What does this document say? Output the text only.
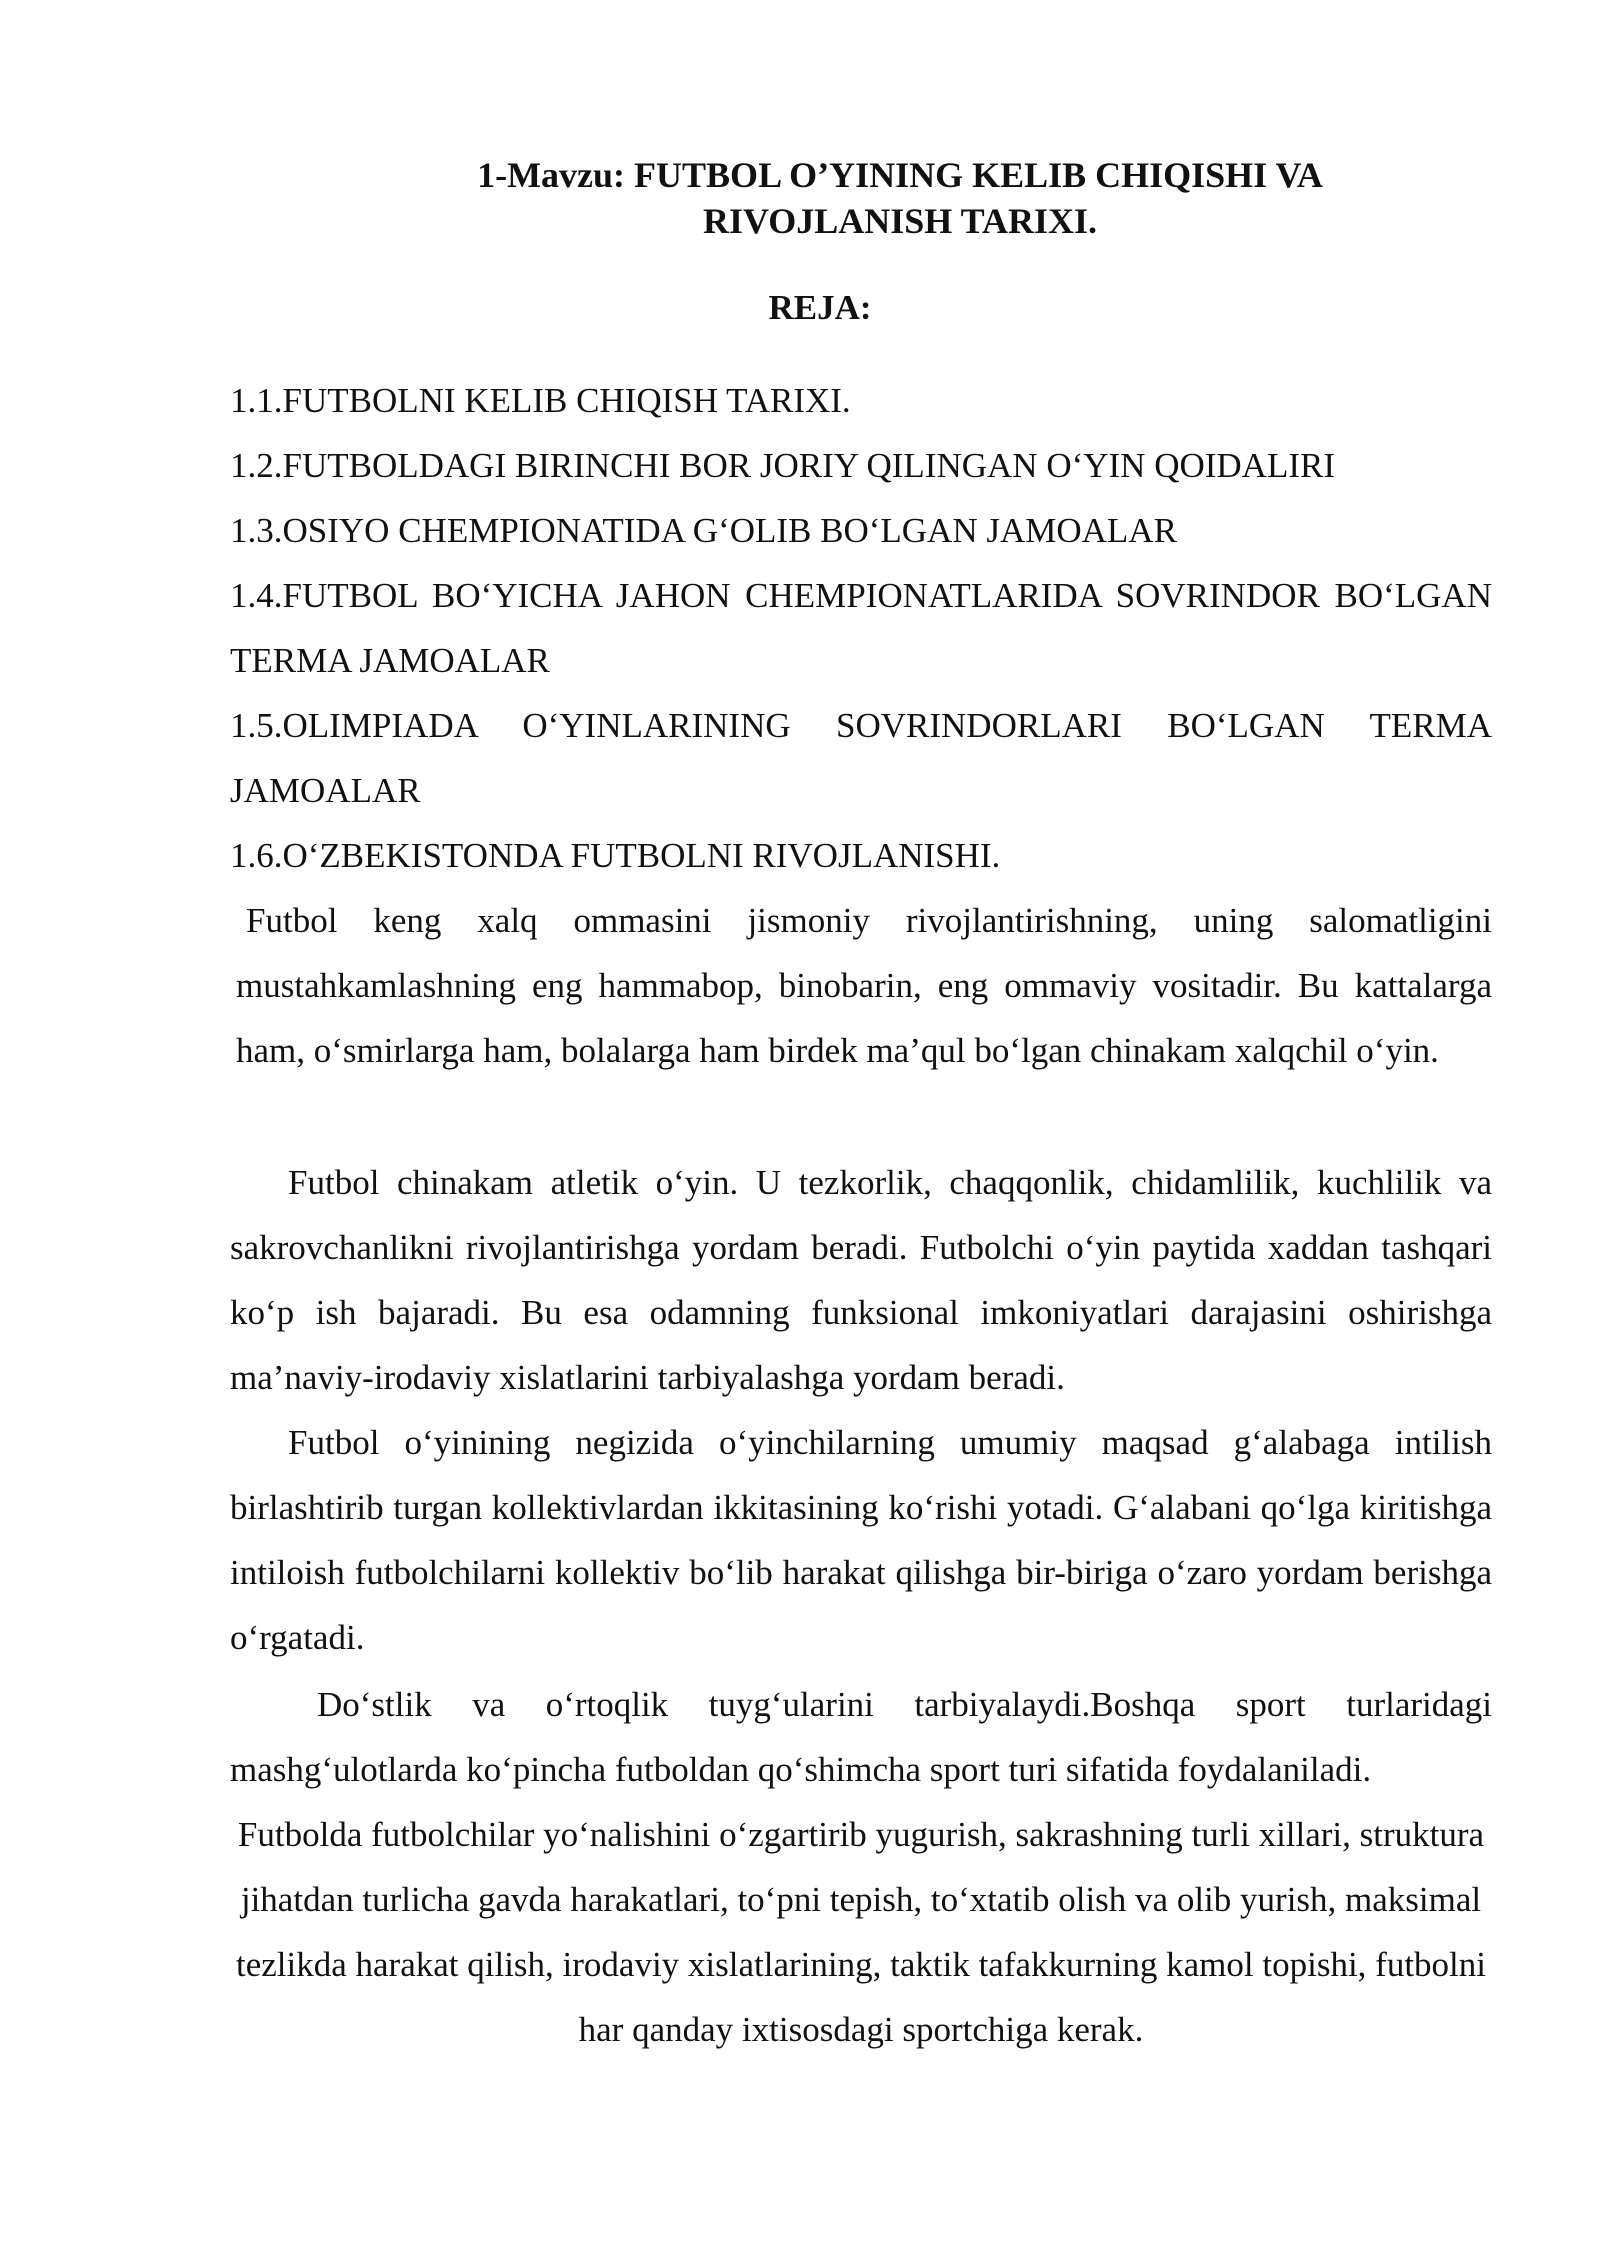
1-Mavzu: FUTBOL O’YINING KELIB CHIQISHI VA RIVOJLANISH TARIXI.
REJA:
1.1.FUTBOLNI KELIB CHIQISH TARIXI.
1.2.FUTBOLDAGI BIRINCHI BOR JORIY QILINGAN O‘YIN QOIDALIRI
1.3.OSIYO CHEMPIONATIDA G‘OLIB BO‘LGAN JAMOALAR
1.4.FUTBOL BO‘YICHA JAHON CHEMPIONATLARIDA SOVRINDOR BO‘LGAN TERMA JAMOALAR
1.5.OLIMPIADA O‘YINLARINING SOVRINDORLARI BO‘LGAN TERMA JAMOALAR
1.6.O‘ZBEKISTONDA FUTBOLNI RIVOJLANISHI.
Futbol keng xalq ommasini jismoniy rivojlantirishning, uning salomatligini mustahkamlashning eng hammabop, binobarin, eng ommaviy vositadir. Bu kattalarga ham, o‘smirlarga ham, bolalarga ham birdek ma’qul bo‘lgan chinakam xalqchil o‘yin.
Futbol chinakam atletik o‘yin. U tezkorlik, chaqqonlik, chidamlilik, kuchlilik va sakrovchanlikni rivojlantirishga yordam beradi. Futbolchi o‘yin paytida xaddan tashqari ko‘p ish bajaradi. Bu esa odamning funksional imkoniyatlari darajasini oshirishga ma’naviy-irodaviy xislatlarini tarbiyalashga yordam beradi.
Futbol o‘yinining negizida o‘yinchilarning umumiy maqsad g‘alabaga intilish birlashtirib turgan kollektivlardan ikkitasining ko‘rishi yotadi. G‘alabani qo‘lga kiritishga intiloish futbolchilarni kollektiv bo‘lib harakat qilishga bir-biriga o‘zaro yordam berishga o‘rgatadi.
Do‘stlik va o‘rtoqlik tuyg‘ularini tarbiyalaydi.Boshqa sport turlaridagi mashg‘ulotlarda ko‘pincha futboldan qo‘shimcha sport turi sifatida foydalaniladi.
Futbolda futbolchilar yo‘nalishini o‘zgartirib yugurish, sakrashning turli xillari, struktura jihatdan turlicha gavda harakatlari, to‘pni tepish, to‘xtatib olish va olib yurish, maksimal tezlikda harakat qilish, irodaviy xislatlarining, taktik tafakkurning kamol topishi, futbolni har qanday ixtisosdagi sportchiga kerak.
